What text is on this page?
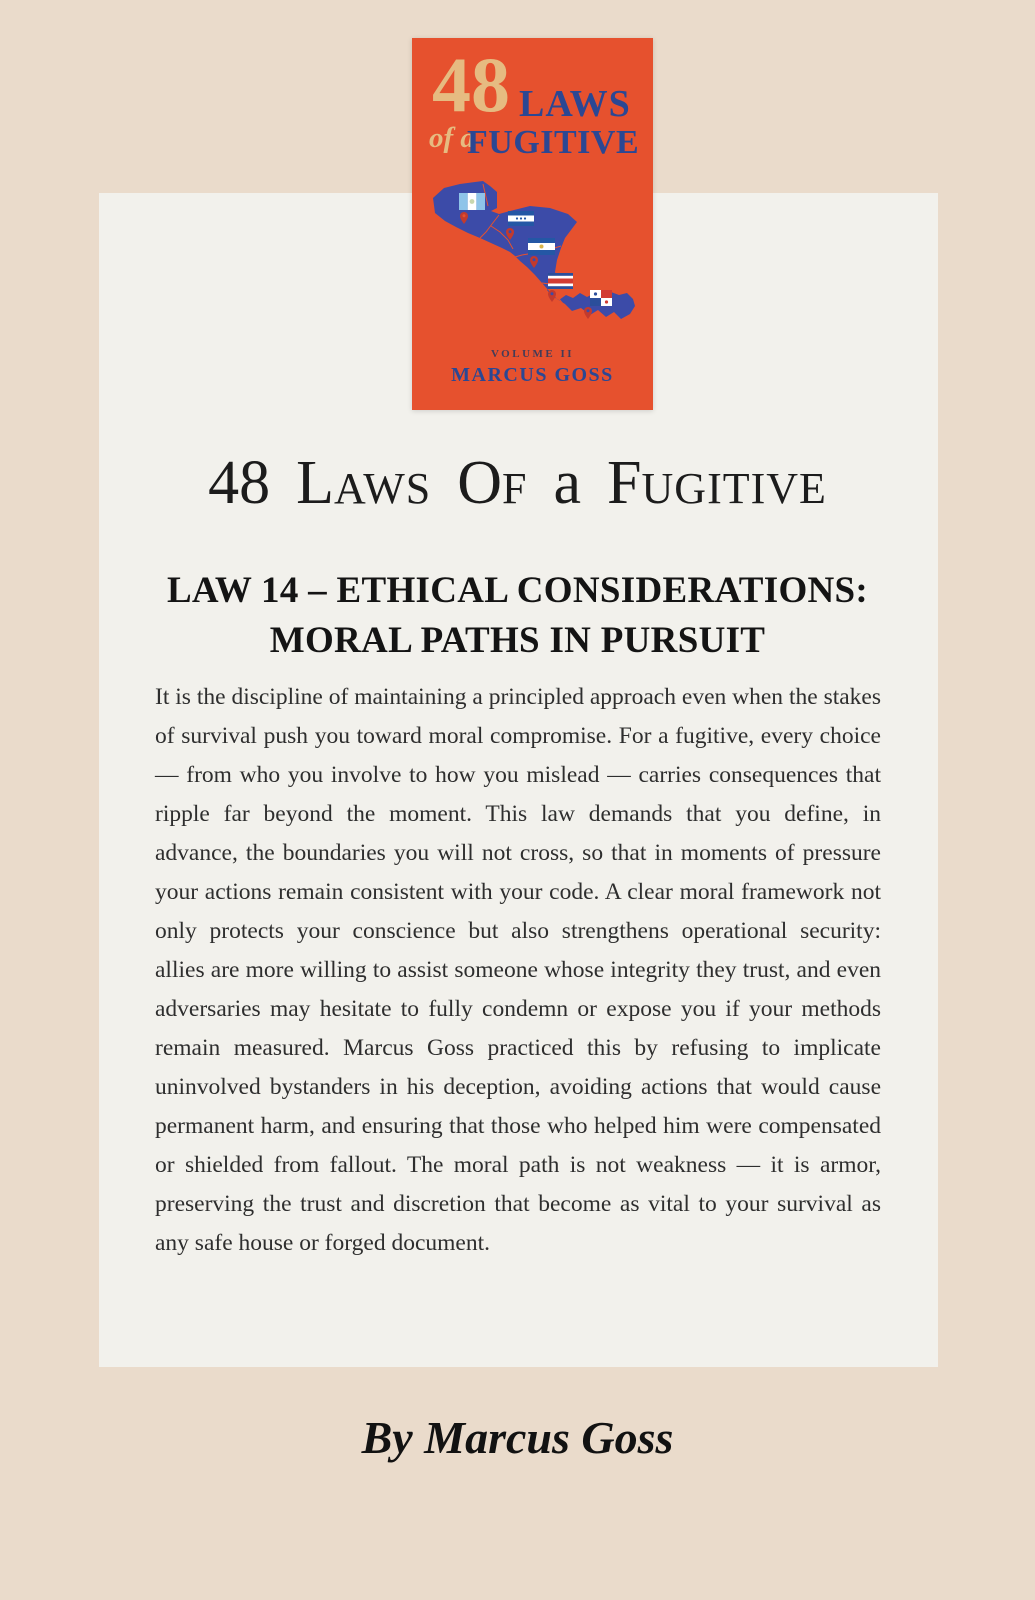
48 LAWS
of a
FUGITIVE
VOLUME II
MARCUS GOSS
48 LAWS OF a FUGITIVE
LAW 14 – ETHICAL CONSIDERATIONS:
MORAL PATHS IN PURSUIT
It is the discipline of maintaining a principled approach even when the stakes of survival push you toward moral compromise. For a fugitive, every choice — from who you involve to how you mislead — carries consequences that ripple far beyond the moment. This law demands that you define, in advance, the boundaries you will not cross, so that in moments of pressure your actions remain consistent with your code. A clear moral framework not only protects your conscience but also strengthens operational security: allies are more willing to assist someone whose integrity they trust, and even adversaries may hesitate to fully condemn or expose you if your methods remain measured. Marcus Goss practiced this by refusing to implicate uninvolved bystanders in his deception, avoiding actions that would cause permanent harm, and ensuring that those who helped him were compensated or shielded from fallout. The moral path is not weakness — it is armor, preserving the trust and discretion that become as vital to your survival as any safe house or forged document.
By Marcus Goss
